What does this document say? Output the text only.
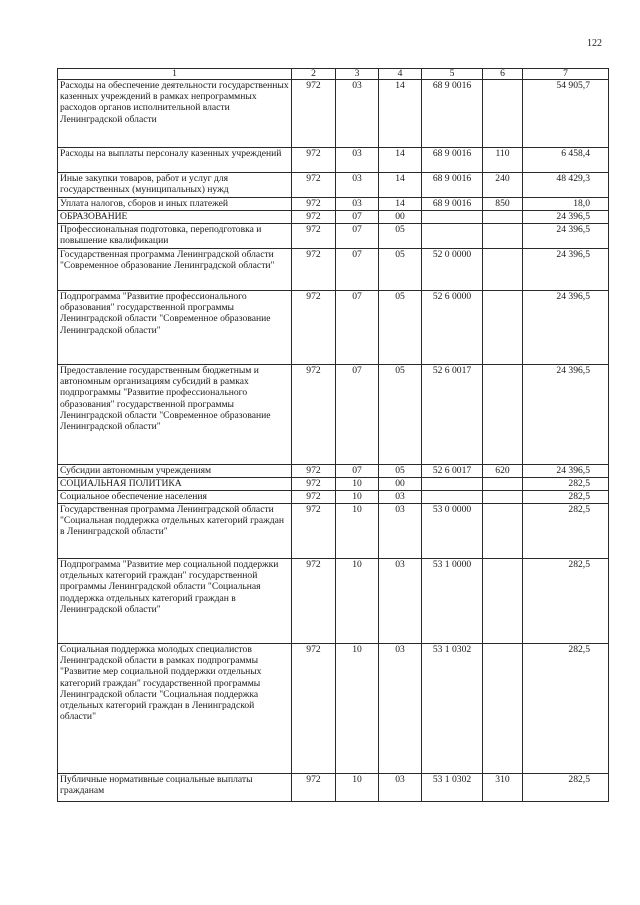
122
1	2	3	4	5	6	7
Расходы на обеспечение деятельности государственных казенных учреждений в рамках непрограммных расходов органов исполнительной власти Ленинградской области	972	03	14	68 9 0016		54 905,7
Расходы на выплаты персоналу казенных учреждений	972	03	14	68 9 0016	110	6 458,4
Иные закупки товаров, работ и услуг для государственных (муниципальных) нужд	972	03	14	68 9 0016	240	48 429,3
Уплата налогов, сборов и иных платежей	972	03	14	68 9 0016	850	18,0
ОБРАЗОВАНИЕ	972	07	00			24 396,5
Профессиональная подготовка, переподготовка и повышение квалификации	972	07	05			24 396,5
Государственная программа Ленинградской области "Современное образование Ленинградской области"	972	07	05	52 0 0000		24 396,5
Подпрограмма "Развитие профессионального образования" государственной программы Ленинградской области "Современное образование Ленинградской области"	972	07	05	52 6 0000		24 396,5
Предоставление государственным бюджетным и автономным организациям субсидий в рамках подпрограммы "Развитие профессионального образования" государственной программы Ленинградской области "Современное образование Ленинградской области"	972	07	05	52 6 0017		24 396,5
Субсидии автономным учреждениям	972	07	05	52 6 0017	620	24 396,5
СОЦИАЛЬНАЯ ПОЛИТИКА	972	10	00			282,5
Социальное обеспечение населения	972	10	03			282,5
Государственная программа Ленинградской области "Социальная поддержка отдельных категорий граждан в Ленинградской области"	972	10	03	53 0 0000		282,5
Подпрограмма "Развитие мер социальной поддержки отдельных категорий граждан" государственной программы Ленинградской области "Социальная поддержка отдельных категорий граждан в Ленинградской области"	972	10	03	53 1 0000		282,5
Социальная поддержка молодых специалистов Ленинградской области в рамках подпрограммы "Развитие мер социальной поддержки отдельных категорий граждан" государственной программы Ленинградской области "Социальная поддержка отдельных категорий граждан в Ленинградской области"	972	10	03	53 1 0302		282,5
Публичные нормативные социальные выплаты гражданам	972	10	03	53 1 0302	310	282,5
